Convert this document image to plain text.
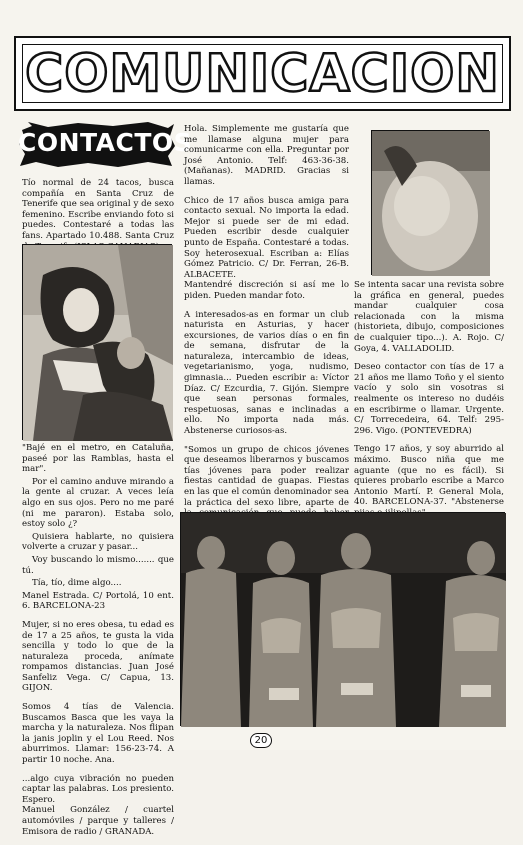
COMUNICACION
CONTACTOS

Tío normal de 24 tacos, busca compañía en Santa Cruz de Tenerife que sea original y de sexo femenino. Escribe enviando foto si puedes. Contestaré a todas las fans. Apartado 10.488. Santa Cruz

"Bajé en el metro, en Cataluña, paseé por las Ramblas, hasta el mar".

Por el camino anduve mirando a la gente al cruzar. A veces leía algo en sus ojos. Pero no me paré (ni me pararon). Estaba solo, estoy solo ¿?

Quisiera hablarte, no quisiera volverte a cruzar y pasar...

Voy buscando lo mismo....... que tú.

Tía, tío, dime algo....

Manel Estrada. C/ Portolá, 10 ent. 6. BARCELONA-23

Mujer, si no eres obesa, tu edad es de 17 a 25 años, te gusta la vida sencilla y todo lo que de la naturaleza proceda, anímate rompamos distancias. Juan José Sanfeliz Vega. C/ Capua, 13. GIJON.

Somos 4 tías de Valencia. Buscamos Basca que les vaya la marcha y la naturaleza. Nos flipan la janis joplin y el Lou Reed. Nos aburrimos. Llamar: 156-23-74. A partir 10 noche. Ana.

...algo cuya vibración no pueden captar las palabras. Los presiento. Espero.

Manuel González / cuartel automóviles / parque y talleres / Emisora de radio / GRANADA.

Hola. Simplemente me gustaría que me llamase alguna mujer para comunicarme con ella. Preguntar por José Antonio. Telf: 463-36-38. (Mañanas). MADRID. Gracias si llamas.

Chico de 17 años busca amiga para contacto sexual. No importa la edad. Mejor si puede ser de mi edad. Pueden escribir desde cualquier punto de España. Contestaré a todas. Soy heterosexual. Escriban a: Elías Gómez Patricio. C/ Dr. Ferran, 26-B. ALBACETE.

Mantendré discreción si así me lo piden. Pueden mandar foto.

A interesados-as en formar un club naturista en Asturias, y hacer excursiones, de varios días o en fin de semana, disfrutar de la naturaleza, intercambio de ideas, vegetarianismo, yoga, nudismo, gimnasia... Pueden escribir a: Víctor Díaz. C/ Ezcurdia, 7. Gijón. Siempre que sean personas formales, respetuosas, sanas e inclinadas a ello. No importa nada más. Abstenerse curiosos-as.

"Somos un grupo de chicos jóvenes que deseamos liberarnos y buscamos tías jóvenes para poder realizar fiestas cantidad de guapas. Fiestas en las que el común denominador sea la práctica del sexo libre, aparte de

Se intenta sacar una revista sobre la gráfica en general, puedes mandar cualquier cosa relacionada con la misma (historieta, dibujo, composiciones de cualquier tipo...). A. Rojo. C/ Goya, 4. VALLADOLID.

Deseo contactor con tías de 17 a 21 años me llamo Toño y el siento vacío y solo sin vosotras si realmente os intereso no dudéis en escribirme o llamar. Urgente. C/ Torrecedeira, 64. Telf: 295-296. Vigo. (PONTEVEDRA)

Tengo 17 años, y soy aburrido al máximo. Busco niña que me aguante (que no es fácil). Si quieres probarlo escribe a Marco Antonio Martí. P. General Mola, 40. BARCELONA-37. "Abstenerse

20
